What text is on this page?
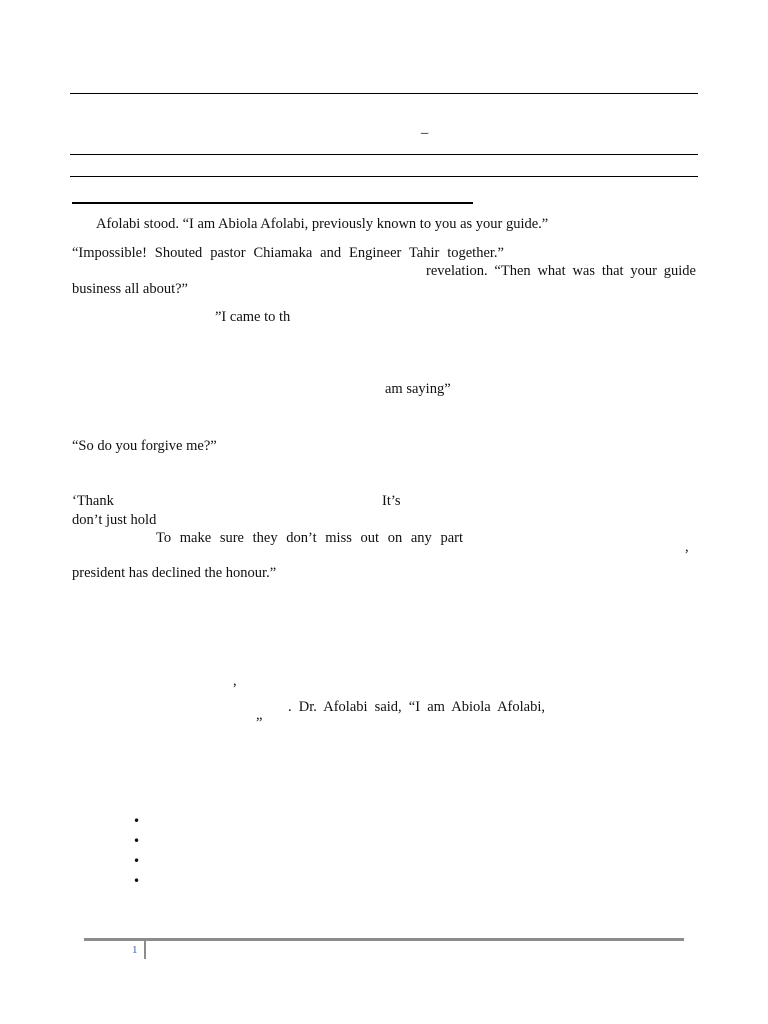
–
Afolabi stood. “I am Abiola Afolabi, previously known to you as your guide.”
“Impossible! Shouted pastor Chiamaka and Engineer Tahir together.”
revelation. “Then what was that your guide
business all about?”
”I came to th
am saying”
“So do you forgive me?”
‘Thank	It’s
don’t just hold
To make sure they don’t miss out on any part
,
president has declined the honour.”
,
. Dr. Afolabi said, “I am Abiola Afolabi,
”
•
•
•
•
1
